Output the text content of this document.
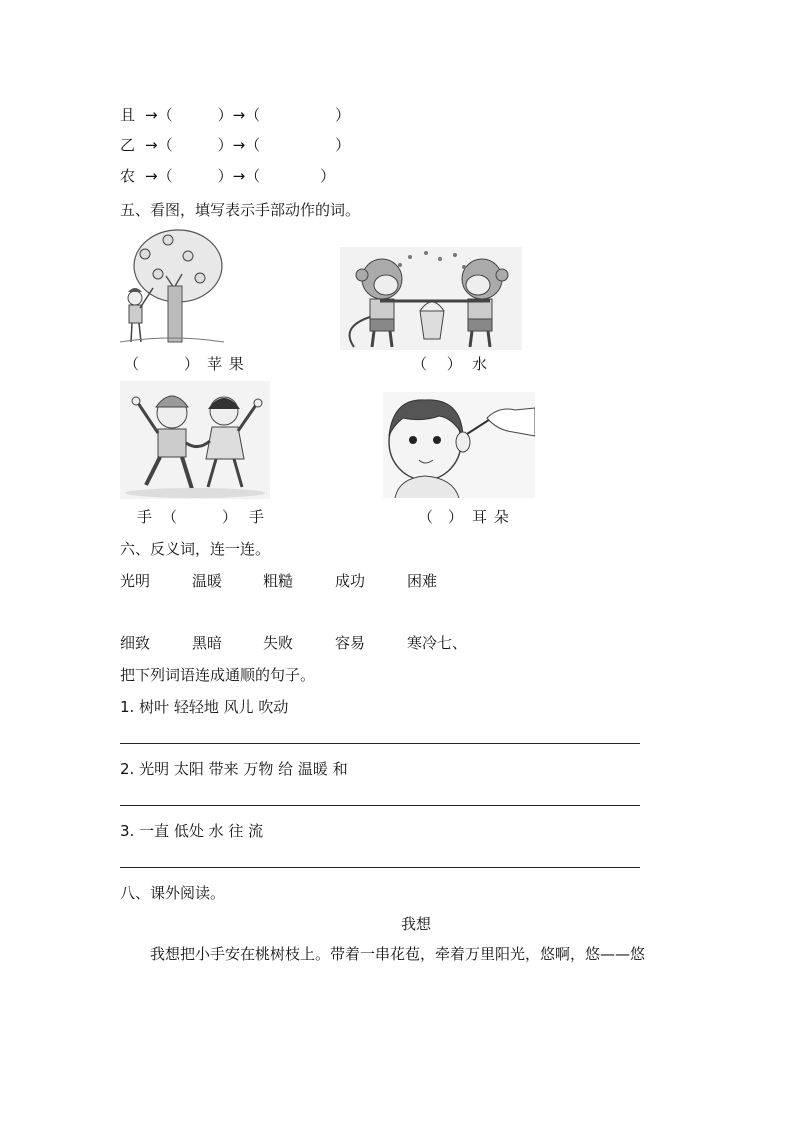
且 →（　　　）→（　　　　　）
乙 →（　　　）→（　　　　　）
农 →（　　　）→（　　　　）
五、看图，填写表示手部动作的词。
（　　　） 苹 果	（　 ） 水
手 （　　　） 手	（　） 耳 朵
六、反义词，连一连。
光明	温暖	粗糙	成功	困难
细致	黑暗	失败	容易	寒冷七、
把下列词语连成通顺的句子。
1. 树叶 轻轻地 风儿 吹动
2. 光明 太阳 带来 万物 给 温暖 和
3. 一直 低处 水 往 流
八、课外阅读。
我想
我想把小手安在桃树枝上。带着一串花苞，牵着万里阳光，悠啊，悠——悠
